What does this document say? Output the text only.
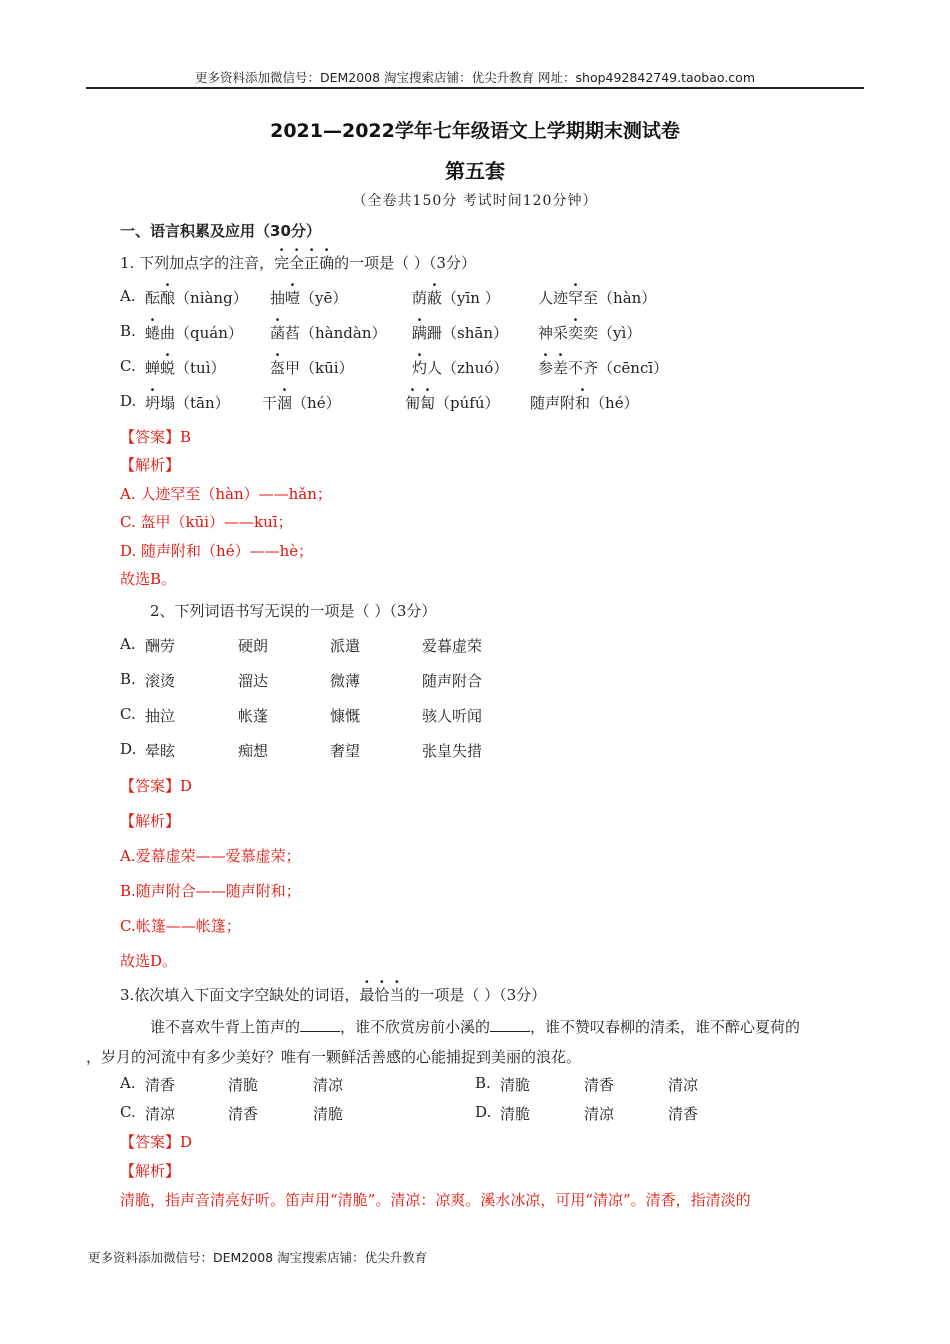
更多资料添加微信号：DEM2008 淘宝搜索店铺：优尖升教育 网址：shop492842749.taobao.com
2021—2022学年七年级语文上学期期末测试卷
第五套
（全卷共150分 考试时间120分钟）
一、语言积累及应用（30分）
1. 下列加点字的注音，完全正确的一项是（ ）（3分）
A. 酝酿（niàng） 抽噎（yē）	荫蔽（yīn ）	人迹罕至（hàn）
B. 蜷曲（quán） 菡萏（hàndàn） 蹒跚（shān） 神采奕奕（yì）
C. 蝉蜕（tuì）	盔甲（kūi）	灼人（zhuó） 参差不齐（cēncī）
D. 坍塌（tān） 干涸（hé）	匍匐（púfú） 随声附和（hé）
【答案】B
【解析】
A. 人迹罕至（hàn）——hǎn；
C. 盔甲（kūi）——kuī；
D. 随声附和（hé）——hè；
故选B。
2、下列词语书写无误的一项是（ ）（3分）
A. 酬劳	硬朗	派遣	爱暮虚荣
B. 滚烫	溜达	微薄	随声附合
C. 抽泣	帐蓬	慷慨	骇人听闻
D. 晕眩	痴想	奢望	张皇失措
【答案】D
【解析】
A.爱幕虚荣——爱慕虚荣；
B.随声附合——随声附和；
C.帐篷——帐篷；
故选D。
3.依次填入下面文字空缺处的词语，最恰当的一项是（ ）（3分）
谁不喜欢牛背上笛声的	，谁不欣赏房前小溪的	，谁不赞叹春柳的清柔，谁不醉心夏荷的
，岁月的河流中有多少美好？唯有一颗鲜活善感的心能捕捉到美丽的浪花。
A. 清香	清脆	清凉	B. 清脆	清香	清凉
C. 清凉	清香	清脆	D. 清脆	清凉	清香
【答案】D
【解析】
清脆，指声音清亮好听。笛声用“清脆”。清凉：凉爽。溪水冰凉，可用“清凉”。清香，指清淡的
更多资料添加微信号：DEM2008 淘宝搜索店铺：优尖升教育
